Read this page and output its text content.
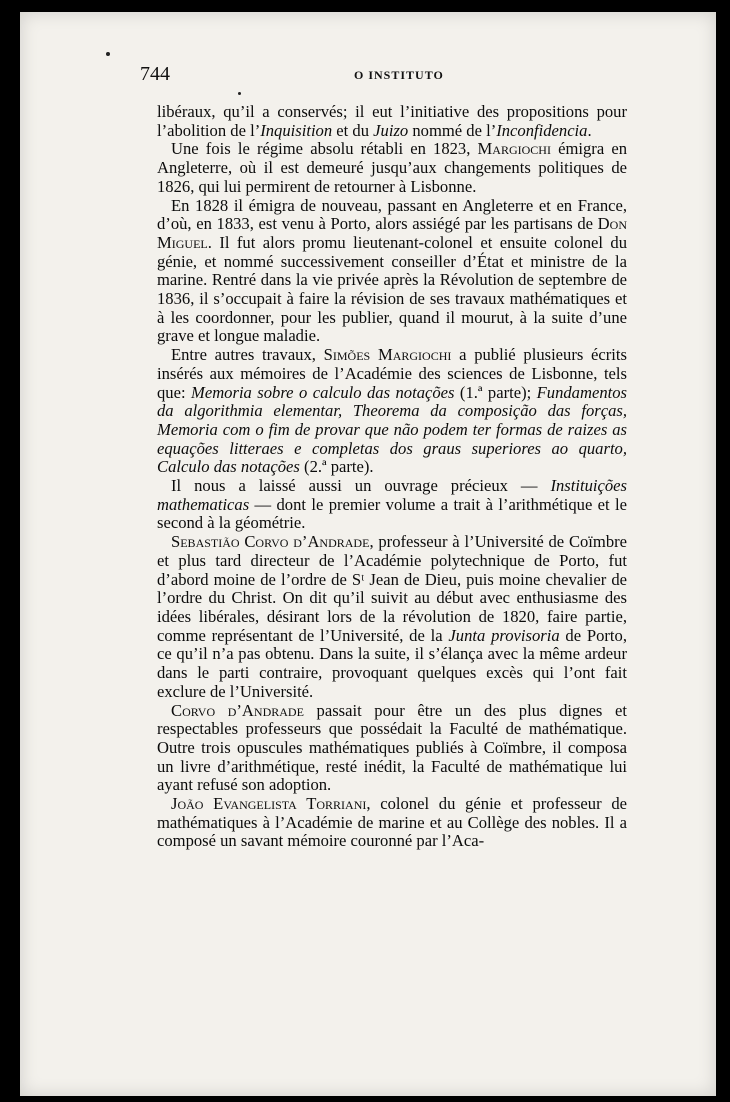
744	O INSTITUTO

libéraux, qu’il a conservés; il eut l’initiative des propositions pour l’abolition de l’Inquisition et du Juizo nommé de l’Inconfidencia.

Une fois le régime absolu rétabli en 1823, Margiochi émigra en Angleterre, où il est demeuré jusqu’aux changements politiques de 1826, qui lui permirent de retourner à Lisbonne.

En 1828 il émigra de nouveau, passant en Angleterre et en France, d’où, en 1833, est venu à Porto, alors assiégé par les partisans de Don Miguel. Il fut alors promu lieutenant-colonel et ensuite colonel du génie, et nommé successivement conseiller d’État et ministre de la marine. Rentré dans la vie privée après la Révolution de septembre de 1836, il s’occupait à faire la révision de ses travaux mathématiques et à les coordonner, pour les publier, quand il mourut, à la suite d’une grave et longue maladie.

Entre autres travaux, Simões Margiochi a publié plusieurs écrits insérés aux mémoires de l’Académie des sciences de Lisbonne, tels que: Memoria sobre o calculo das notações (1.ª parte); Fundamentos da algorithmia elementar, Theorema da composição das forças, Memoria com o fim de provar que não podem ter formas de raizes as equações litteraes e completas dos graus superiores ao quarto, Calculo das notações (2.ª parte).

Il nous a laissé aussi un ouvrage précieux — Instituições mathematicas — dont le premier volume a trait à l’arithmétique et le second à la géométrie.

Sebastião Corvo d’Andrade, professeur à l’Université de Coïmbre et plus tard directeur de l’Académie polytechnique de Porto, fut d’abord moine de l’ordre de Sᵗ Jean de Dieu, puis moine chevalier de l’ordre du Christ. On dit qu’il suivit au début avec enthusiasme des idées libérales, désirant lors de la révolution de 1820, faire partie, comme représentant de l’Université, de la Junta provisoria de Porto, ce qu’il n’a pas obtenu. Dans la suite, il s’élança avec la même ardeur dans le parti contraire, provoquant quelques excès qui l’ont fait exclure de l’Université.

Corvo d’Andrade passait pour être un des plus dignes et respectables professeurs que possédait la Faculté de mathématique. Outre trois opuscules mathématiques publiés à Coïmbre, il composa un livre d’arithmétique, resté inédit, la Faculté de mathématique lui ayant refusé son adoption.

João Evangelista Torriani, colonel du génie et professeur de mathématiques à l’Académie de marine et au Collège des nobles. Il a composé un savant mémoire couronné par l’Aca-
